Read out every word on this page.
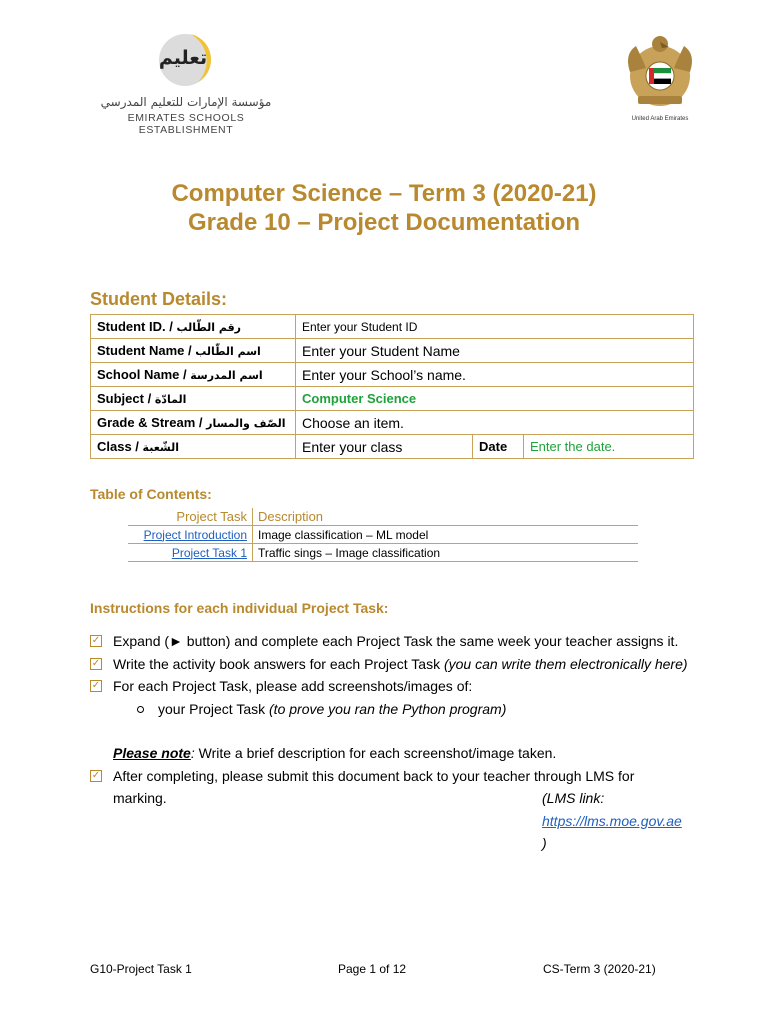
تعليم
مؤسسة الإمارات للتعليم المدرسي
EMIRATES SCHOOLS ESTABLISHMENT
United Arab Emirates
Computer Science – Term 3 (2020-21)
Grade 10 – Project Documentation
Student Details:
Student ID. / رقم الطّالب	Enter your Student ID		
Student Name / اسم الطّالب	Enter your Student Name		
School Name / اسم المدرسة	Enter your School’s name.		
Subject / المادّة	Computer Science		
Grade & Stream / الصّف والمسار	Choose an item.		
Class / الشّعبة	Enter your class	Date	Enter the date.
Table of Contents:
Project Task	Description
Project Introduction	Image classification – ML model
Project Task 1	Traffic sings – Image classification
Instructions for each individual Project Task:
✓ Expand (► button) and complete each Project Task the same week your teacher assigns it.
✓ Write the activity book answers for each Project Task (you can write them electronically here)
✓ For each Project Task, please add screenshots/images of:
your Project Task (to prove you ran the Python program)
Please note: Write a brief description for each screenshot/image taken.
✓ After completing, please submit this document back to your teacher through LMS for marking.	(LMS link: https://lms.moe.gov.ae )
G10-Project Task 1	Page 1 of 12	CS-Term 3 (2020-21)
